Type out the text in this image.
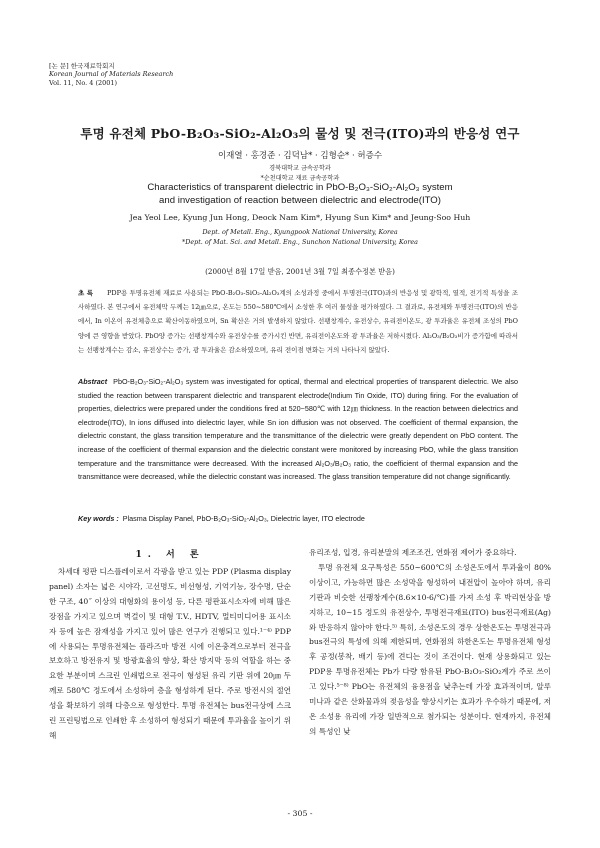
[논 문] 한국재료학회지
Korean Journal of Materials Research
Vol. 11, No. 4 (2001)
투명 유전체 PbO-B₂O₃-SiO₂-Al₂O₃의 물성 및 전극(ITO)과의 반응성 연구
이재열 · 홍경준 · 김덕남* · 김형순* · 허증수
경북대학교 금속공학과
*순천대학교 재료 금속공학과
Characteristics of transparent dielectric in PbO-B₂O₃-SiO₂-Al₂O₃ system
and investigation of reaction between dielectric and electrode(ITO)
Jea Yeol Lee, Kyung Jun Hong, Deock Nam Kim*, Hyung Sun Kim* and Jeung-Soo Huh
Dept. of Metall. Eng., Kyungpook National University, Korea
*Dept. of Mat. Sci. and Metall. Eng., Sunchon National University, Korea
(2000년 8월 17일 받음, 2001년 3월 7일 최종수정본 받음)
초 록 PDP용 투명유전체 재료로 사용되는 PbO-B₂O₃-SiO₂-Al₂O₃계의 소성과정 중에서 투명전극(ITO)과의 반응성 및 광학적, 열적, 전기적 특성을 조사하였다. 본 연구에서 유전체막 두께는 12㎛으로, 온도는 550~580℃에서 소성한 후 여러 물성을 평가하였다. 그 결과로, 유전체와 투명전극(ITO)의 반응에서, In 이온이 유전체층으로 확산이동하였으며, Sn 확산은 거의 발생하지 않았다. 선팽창계수, 유전상수, 유리전이온도, 광 투과율은 유전체 조성의 PbO 양에 큰 영향을 받았다. PbO양 증가는 선팽창계수와 유전상수를 증가시킨 반면, 유리전이온도와 광 투과율은 저하시켰다. Al₂O₃/B₂O₃비가 증가함에 따라서는 선팽창계수는 감소, 유전상수는 증가, 광 투과율은 감소하였으며, 유리 전이점 변화는 거의 나타나지 않았다.
Abstract PbO-B₂O₃-SiO₂-Al₂O₃ system was investigated for optical, thermal and electrical properties of transparent dielectric. We also studied the reaction between transparent dielectric and transparent electrode(Indium Tin Oxide, ITO) during firing. For the evaluation of properties, dielectrics were prepared under the conditions fired at 520~580℃ with 12㎛ thickness. In the reaction between dielectrics and electrode(ITO), In ions diffused into dielectric layer, while Sn ion diffusion was not observed. The coefficient of thermal expansion, the dielectric constant, the glass transition temperature and the transmittance of the dielectric were greatly dependent on PbO content. The increase of the coefficient of thermal expansion and the dielectric constant were monitored by increasing PbO, while the glass transition temperature and the transmittance were decreased. With the increased Al₂O₃/B₂O₃ ratio, the coefficient of thermal expansion and the transmittance were decreased, while the dielectric constant was increased. The glass transition temperature did not change significantly.
Key words : Plasma Display Panel, PbO-B₂O₃-SiO₂-Al₂O₃, Dielectric layer, ITO electrode
1. 서 론

차세대 평판 디스플레이로서 각광을 받고 있는 PDP (Plasma display panel) 소자는 넓은 시야각, 고선명도, 비선형성, 기억기능, 장수명, 단순한 구조, 40˝ 이상의 대형화의 용이성 등, 다른 평판표시소자에 비해 많은 장점을 가지고 있으며 벽걸이 및 대형 T.V., HDTV, 멀티미디어용 표시소자 등에 높은 잠재성을 가지고 있어 많은 연구가 진행되고 있다.¹⁻⁴⁾ PDP에 사용되는 투명유전체는 플라즈마 방전 시에 이온충격으로부터 전극을 보호하고 방전유지 및 방광효율의 향상, 확산 방지막 등의 역할을 하는 중요한 부분이며 스크린 인쇄법으로 전극이 형성된 유리 기판 위에 20㎛ 두께로 580℃ 정도에서 소성하여 층을 형성하게 된다. 주로 방전시의 절연성을 확보하기 위해 다층으로 형성한다. 투명 유전체는 bus전극상에 스크린 프린팅법으로 인쇄한 후 소성하여 형성되기 때문에 투과율을 높이기 위해

유리조성, 입경, 유리분말의 제조조건, 연화점 제어가 중요하다.

투명 유전체 요구특성은 550~600℃의 소성온도에서 투과율이 80% 이상이고, 가능하면 많은 소성막을 형성하여 내전압이 높아야 하며, 유리기판과 비슷한 선팽창계수(8.6×10-6/℃)를 가져 소성 후 박리현상을 방지하고, 10~15 정도의 유전상수, 투명전극재료(ITO) bus전극재료(Ag)와 반응하지 않아야 한다.⁵⁾ 특히, 소성온도의 경우 상한온도는 투명전극과 bus전극의 특성에 의해 제한되며, 연화점의 하한온도는 투명유전체 형성후 공정(봉착, 배기 등)에 견디는 것이 조건이다. 현재 상용화되고 있는 PDP용 투명유전체는 Pb가 다량 함유된 PbO-B₂O₃-SiO₂계가 주로 쓰이고 있다.⁵⁻⁸⁾ PbO는 유전체의 융용점을 낮추는데 가장 효과적이며, 알루미나과 같은 산화물과의 젖음성을 향상시키는 효과가 우수하기 때문에, 저온 소성용 유리에 가장 일반적으로 첨가되는 성분이다. 현재까지, 유전체의 특성인 낮

- 305 -
